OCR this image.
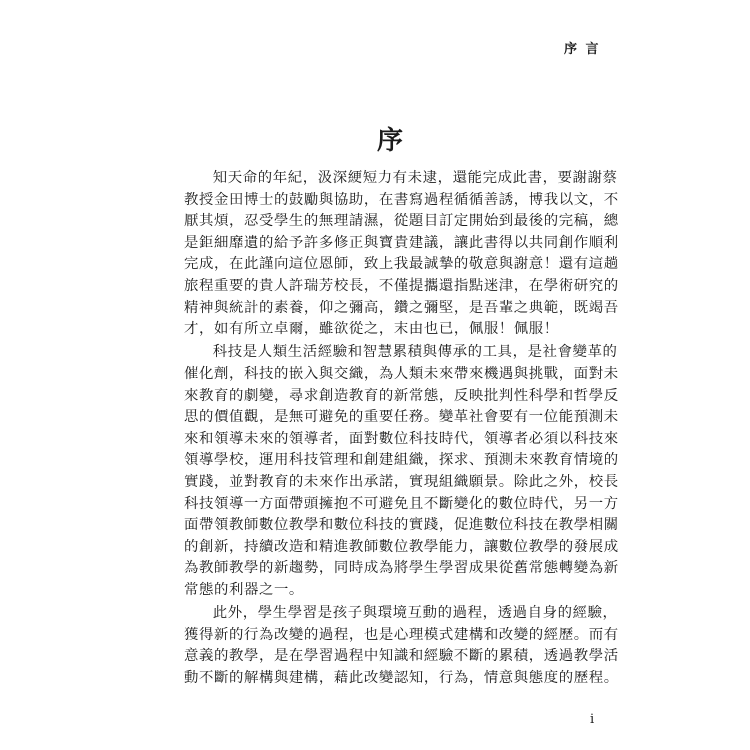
序 言
序

知天命的年紀，汲深綆短力有未逮，還能完成此書，要謝謝蔡
教授金田博士的鼓勵與協助，在書寫過程循循善誘，博我以文，不
厭其煩，忍受學生的無理請濕，從題目訂定開始到最後的完稿，總
是鉅細靡遺的給予許多修正與寶貴建議，讓此書得以共同創作順利
完成，在此謹向這位恩師，致上我最誠摯的敬意與謝意！還有這趟
旅程重要的貴人許瑞芳校長，不僅提攜還指點迷津，在學術研究的
精神與統計的素養，仰之彌高，鑽之彌堅，是吾輩之典範，既竭吾
才，如有所立卓爾，雖欲從之，末由也已，佩服！佩服！

科技是人類生活經驗和智慧累積與傳承的工具，是社會變革的
催化劑，科技的嵌入與交織，為人類未來帶來機遇與挑戰，面對未
來教育的劇變，尋求創造教育的新常態，反映批判性科學和哲學反
思的價值觀，是無可避免的重要任務。變革社會要有一位能預測未
來和領導未來的領導者，面對數位科技時代，領導者必須以科技來
領導學校，運用科技管理和創建組織，探求、預測未來教育情境的
實踐，並對教育的未來作出承諾，實現組織願景。除此之外，校長
科技領導一方面帶頭擁抱不可避免且不斷變化的數位時代，另一方
面帶領教師數位教學和數位科技的實踐，促進數位科技在教學相關
的創新，持續改造和精進教師數位教學能力，讓數位教學的發展成
為教師教學的新趨勢，同時成為將學生學習成果從舊常態轉變為新
常態的利器之一。

此外，學生學習是孩子與環境互動的過程，透過自身的經驗，
獲得新的行為改變的過程，也是心理模式建構和改變的經歷。而有
意義的教學，是在學習過程中知識和經驗不斷的累積，透過教學活
動不斷的解構與建構，藉此改變認知，行為，情意與態度的歷程。

i
